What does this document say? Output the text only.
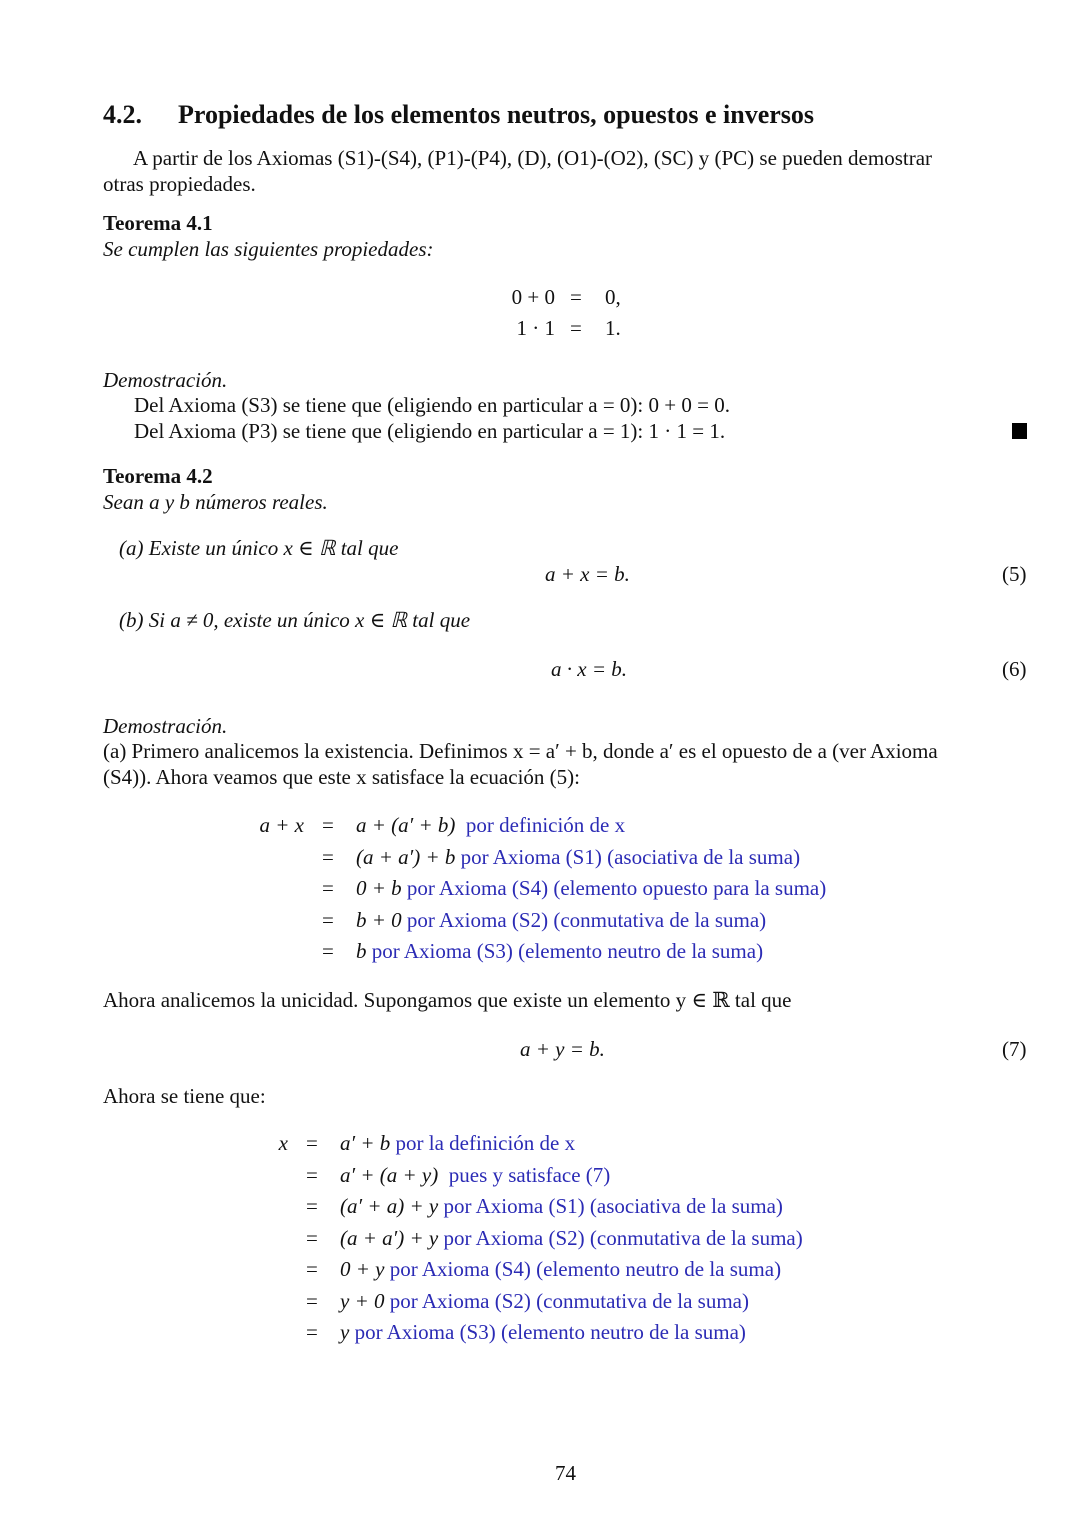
4.2. Propiedades de los elementos neutros, opuestos e inversos
A partir de los Axiomas (S1)-(S4), (P1)-(P4), (D), (O1)-(O2), (SC) y (PC) se pueden demostrar
otras propiedades.
Teorema 4.1
Se cumplen las siguientes propiedades:
0 + 0 = 0,
1 · 1 = 1.
Demostración.
Del Axioma (S3) se tiene que (eligiendo en particular a = 0): 0 + 0 = 0.
Del Axioma (P3) se tiene que (eligiendo en particular a = 1): 1 · 1 = 1.
Teorema 4.2
Sean a y b números reales.
(a) Existe un único x ∈ ℝ tal que
a + x = b.	(5)
(b) Si a ≠ 0, existe un único x ∈ ℝ tal que
a · x = b.	(6)
Demostración.
(a) Primero analicemos la existencia. Definimos x = a′ + b, donde a′ es el opuesto de a (ver Axioma
(S4)). Ahora veamos que este x satisface la ecuación (5):
a + x = a + (a′ + b) por definición de x
= (a + a′) + b por Axioma (S1) (asociativa de la suma)
= 0 + b por Axioma (S4) (elemento opuesto para la suma)
= b + 0 por Axioma (S2) (conmutativa de la suma)
= b por Axioma (S3) (elemento neutro de la suma)
Ahora analicemos la unicidad. Supongamos que existe un elemento y ∈ ℝ tal que
a + y = b.	(7)
Ahora se tiene que:
x = a′ + b por la definición de x
= a′ + (a + y) pues y satisface (7)
= (a′ + a) + y por Axioma (S1) (asociativa de la suma)
= (a + a′) + y por Axioma (S2) (conmutativa de la suma)
= 0 + y por Axioma (S4) (elemento neutro de la suma)
= y + 0 por Axioma (S2) (conmutativa de la suma)
= y por Axioma (S3) (elemento neutro de la suma)
74
